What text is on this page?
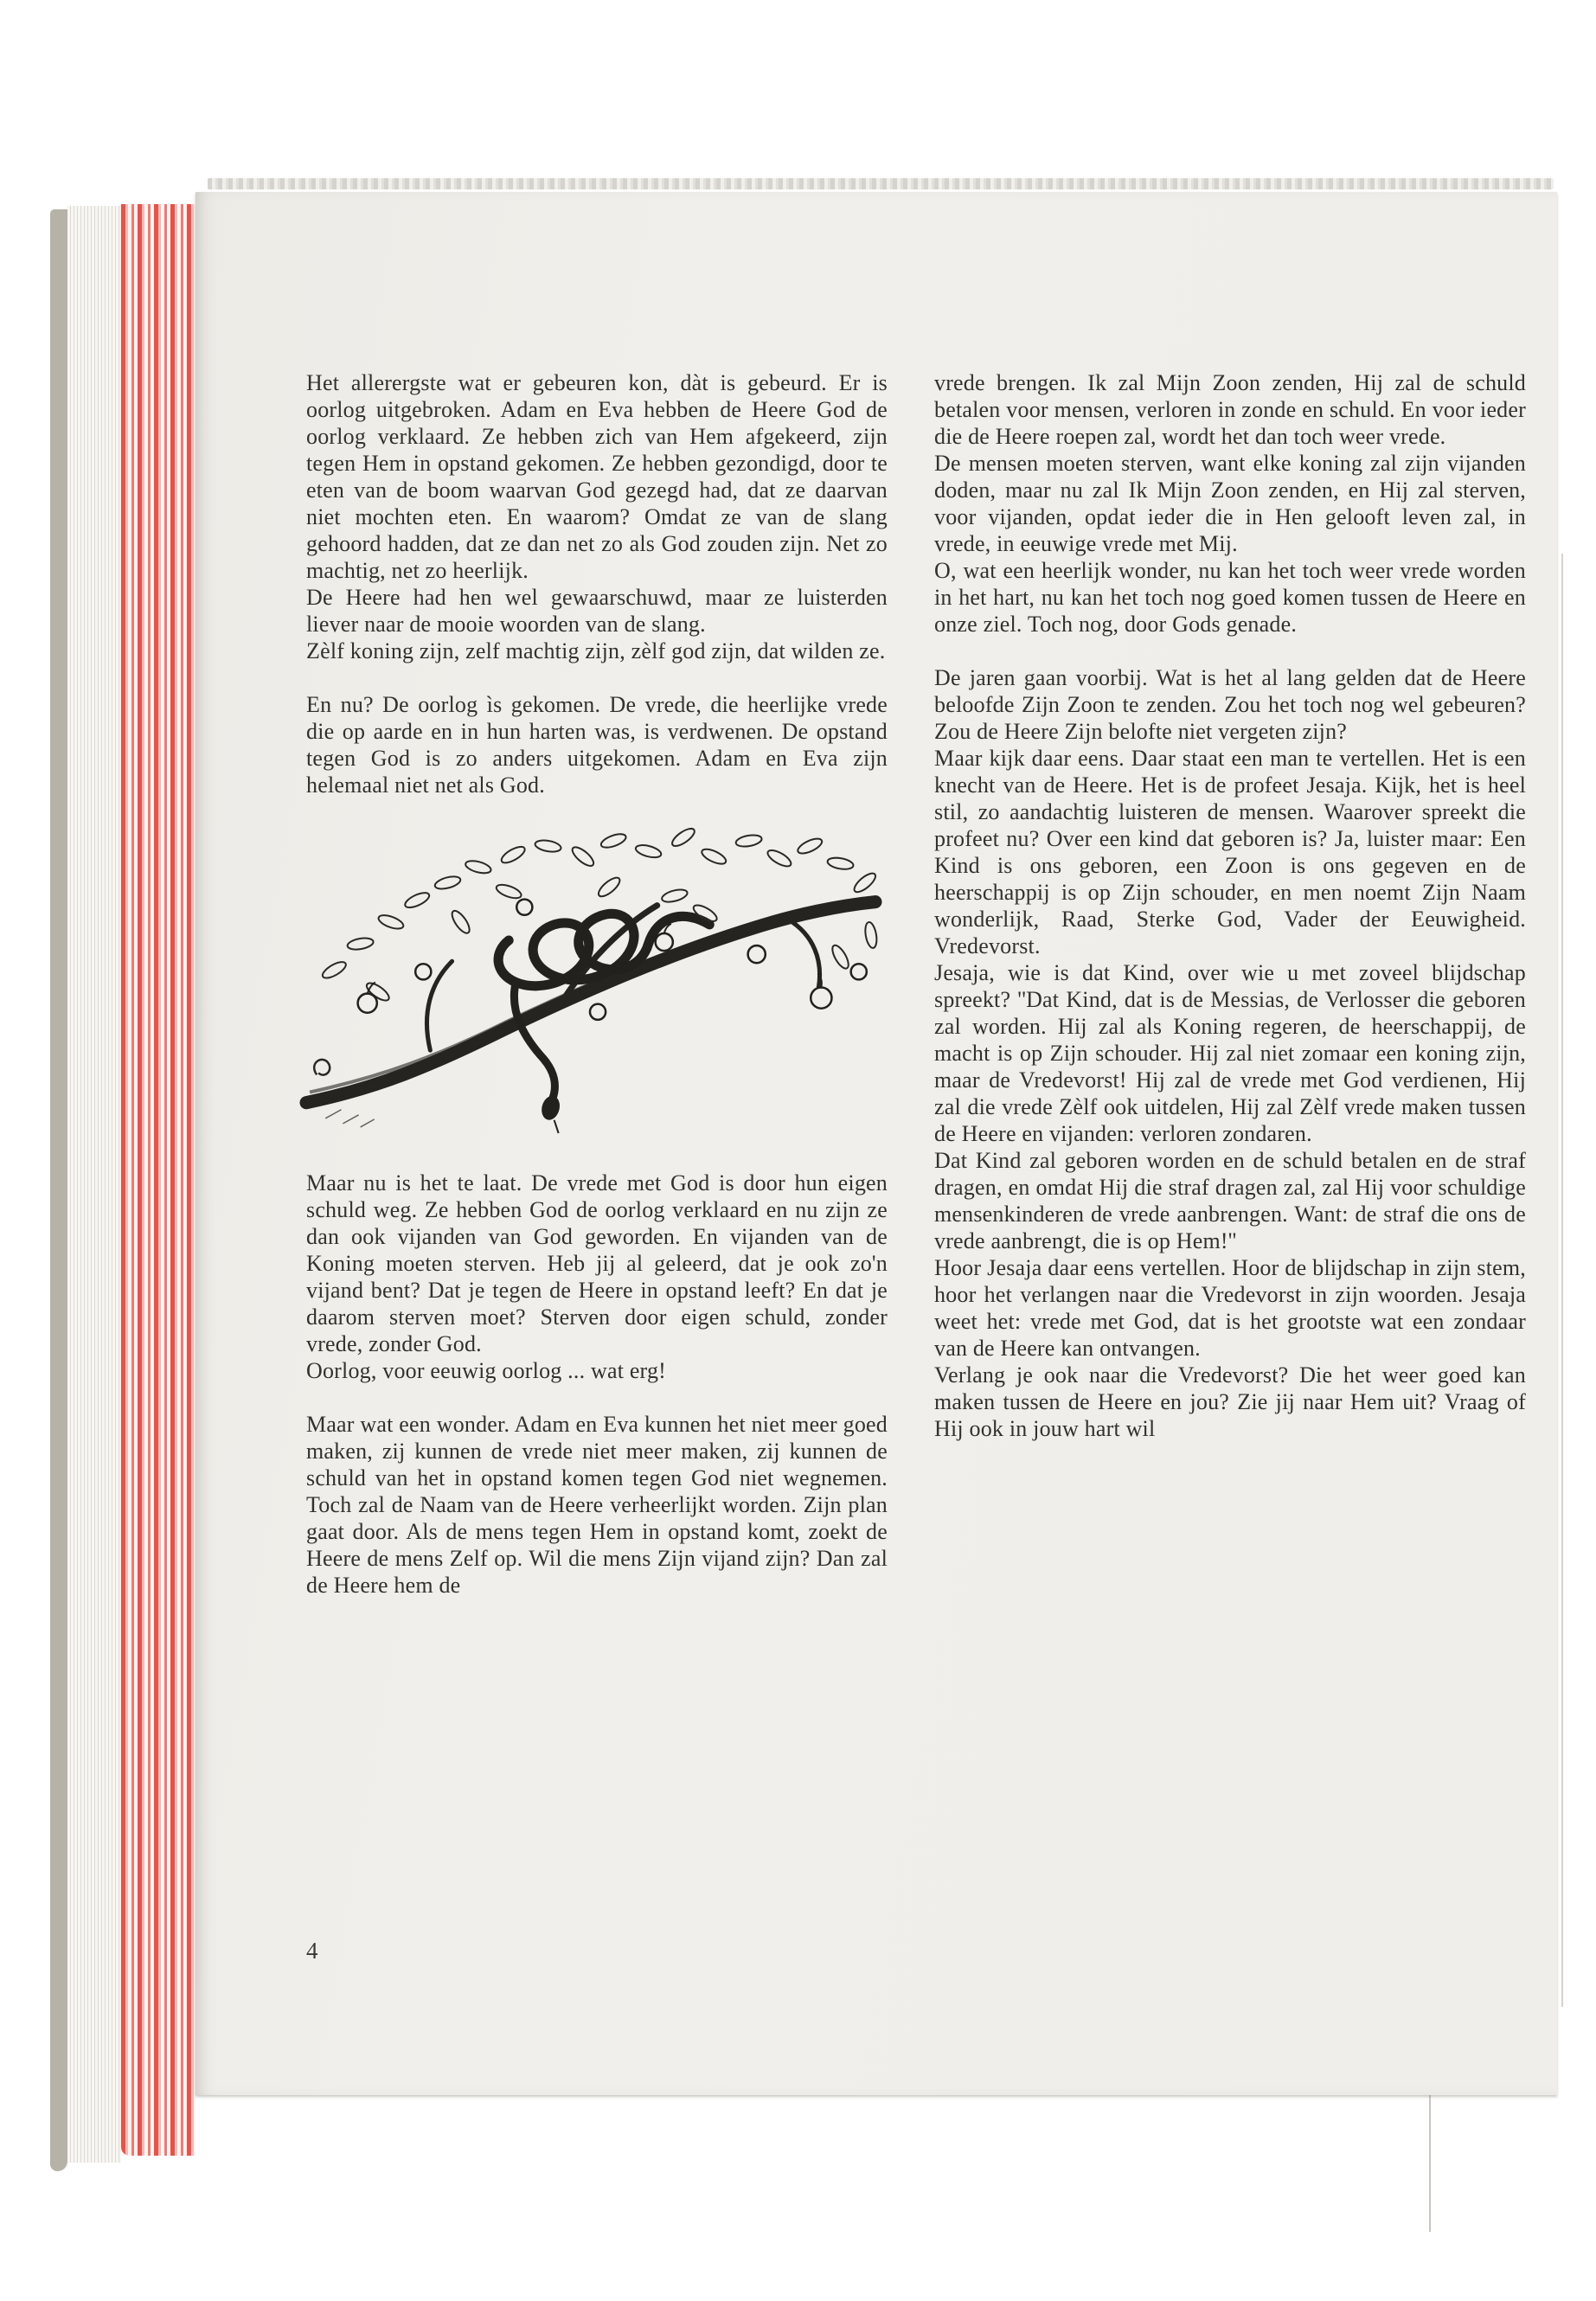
Het allerergste wat er gebeuren kon, dàt is gebeurd. Er is oorlog uitgebroken. Adam en Eva hebben de Heere God de oorlog verklaard. Ze hebben zich van Hem afgekeerd, zijn tegen Hem in opstand gekomen. Ze hebben gezondigd, door te eten van de boom waarvan God gezegd had, dat ze daarvan niet mochten eten. En waarom? Omdat ze van de slang gehoord hadden, dat ze dan net zo als God zouden zijn. Net zo machtig, net zo heerlijk.

De Heere had hen wel gewaarschuwd, maar ze luisterden liever naar de mooie woorden van de slang.

Zèlf koning zijn, zelf machtig zijn, zèlf god zijn, dat wilden ze.

En nu? De oorlog ìs gekomen. De vrede, die heerlijke vrede die op aarde en in hun harten was, is verdwenen. De opstand tegen God is zo anders uitgekomen. Adam en Eva zijn helemaal niet net als God.

Maar nu is het te laat. De vrede met God is door hun eigen schuld weg. Ze hebben God de oorlog verklaard en nu zijn ze dan ook vijanden van God geworden. En vijanden van de Koning moeten sterven. Heb jij al geleerd, dat je ook zo'n vijand bent? Dat je tegen de Heere in opstand leeft? En dat je daarom sterven moet? Sterven door eigen schuld, zonder vrede, zonder God.

Oorlog, voor eeuwig oorlog ... wat erg!

Maar wat een wonder. Adam en Eva kunnen het niet meer goed maken, zij kunnen de vrede niet meer maken, zij kunnen de schuld van het in opstand komen tegen God niet wegnemen. Toch zal de Naam van de Heere verheerlijkt worden. Zijn plan gaat door. Als de mens tegen Hem in opstand komt, zoekt de Heere de mens Zelf op. Wil die mens Zijn vijand zijn? Dan zal de Heere hem de

vrede brengen. Ik zal Mijn Zoon zenden, Hij zal de schuld betalen voor mensen, verloren in zonde en schuld. En voor ieder die de Heere roepen zal, wordt het dan toch weer vrede.

De mensen moeten sterven, want elke koning zal zijn vijanden doden, maar nu zal Ik Mijn Zoon zenden, en Hij zal sterven, voor vijanden, opdat ieder die in Hen gelooft leven zal, in vrede, in eeuwige vrede met Mij.

O, wat een heerlijk wonder, nu kan het toch weer vrede worden in het hart, nu kan het toch nog goed komen tussen de Heere en onze ziel. Toch nog, door Gods genade.

De jaren gaan voorbij. Wat is het al lang gelden dat de Heere beloofde Zijn Zoon te zenden. Zou het toch nog wel gebeuren? Zou de Heere Zijn belofte niet vergeten zijn?

Maar kijk daar eens. Daar staat een man te vertellen. Het is een knecht van de Heere. Het is de profeet Jesaja. Kijk, het is heel stil, zo aandachtig luisteren de mensen. Waarover spreekt die profeet nu? Over een kind dat geboren is? Ja, luister maar: Een Kind is ons geboren, een Zoon is ons gegeven en de heerschappij is op Zijn schouder, en men noemt Zijn Naam wonderlijk, Raad, Sterke God, Vader der Eeuwigheid. Vredevorst.

Jesaja, wie is dat Kind, over wie u met zoveel blijdschap spreekt? ''Dat Kind, dat is de Messias, de Verlosser die geboren zal worden. Hij zal als Koning regeren, de heerschappij, de macht is op Zijn schouder. Hij zal niet zomaar een koning zijn, maar de Vredevorst! Hij zal de vrede met God verdienen, Hij zal die vrede Zèlf ook uitdelen, Hij zal Zèlf vrede maken tussen de Heere en vijanden: verloren zondaren.

Dat Kind zal geboren worden en de schuld betalen en de straf dragen, en omdat Hij die straf dragen zal, zal Hij voor schuldige mensenkinderen de vrede aanbrengen. Want: de straf die ons de vrede aanbrengt, die is op Hem!''

Hoor Jesaja daar eens vertellen. Hoor de blijdschap in zijn stem, hoor het verlangen naar die Vredevorst in zijn woorden. Jesaja weet het: vrede met God, dat is het grootste wat een zondaar van de Heere kan ontvangen.

Verlang je ook naar die Vredevorst? Die het weer goed kan maken tussen de Heere en jou? Zie jij naar Hem uit? Vraag of Hij ook in jouw hart wil

4
